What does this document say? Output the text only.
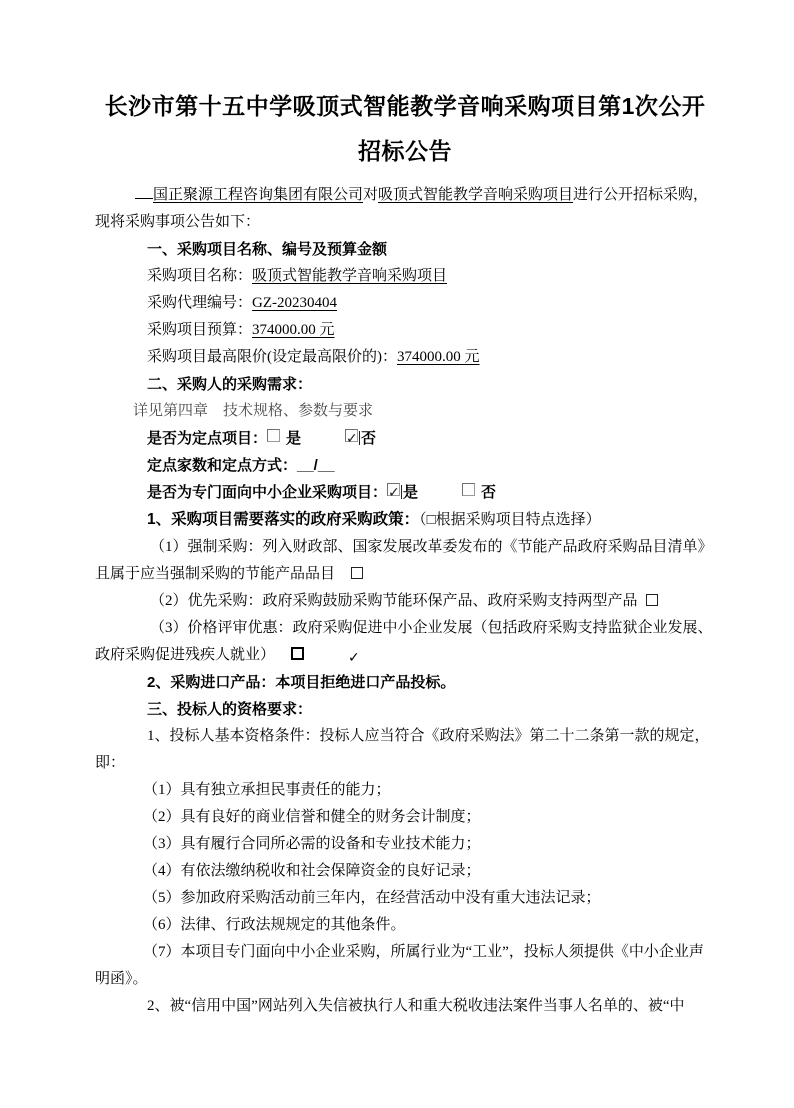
长沙市第十五中学吸顶式智能教学音响采购项目第1次公开
招标公告

国正聚源工程咨询集团有限公司对吸顶式智能教学音响采购项目进行公开招标采购，
现将采购事项公告如下：

一、采购项目名称、编号及预算金额

采购项目名称：吸顶式智能教学音响采购项目

采购代理编号：GZ-20230404

采购项目预算：374000.00 元

采购项目最高限价(设定最高限价的)：374000.00 元

二、采购人的采购需求：

详见第四章　技术规格、参数与要求

是否为定点项目： 是 ✓	否

定点家数和定点方式：__/__

是否为专门面向中小企业采购项目： ✓ 是	否

1、采购项目需要落实的政府采购政策：（□根据采购项目特点选择）

（1）强制采购：列入财政部、国家发展改革委发布的《节能产品政府采购品目清单》
且属于应当强制采购的节能产品品目

（2）优先采购：政府采购鼓励采购节能环保产品、政府采购支持两型产品

（3）价格评审优惠：政府采购促进中小企业发展（包括政府采购支持监狱企业发展、
政府采购促进残疾人就业）✓

2、采购进口产品：本项目拒绝进口产品投标。

三、投标人的资格要求：

1、投标人基本资格条件：投标人应当符合《政府采购法》第二十二条第一款的规定，
即：

（1）具有独立承担民事责任的能力；

（2）具有良好的商业信誉和健全的财务会计制度；

（3）具有履行合同所必需的设备和专业技术能力；

（4）有依法缴纳税收和社会保障资金的良好记录；

（5）参加政府采购活动前三年内，在经营活动中没有重大违法记录；

（6）法律、行政法规规定的其他条件。

（7）本项目专门面向中小企业采购，所属行业为“工业”，投标人须提供《中小企业声
明函》。

2、被“信用中国”网站列入失信被执行人和重大税收违法案件当事人名单的、被“中
